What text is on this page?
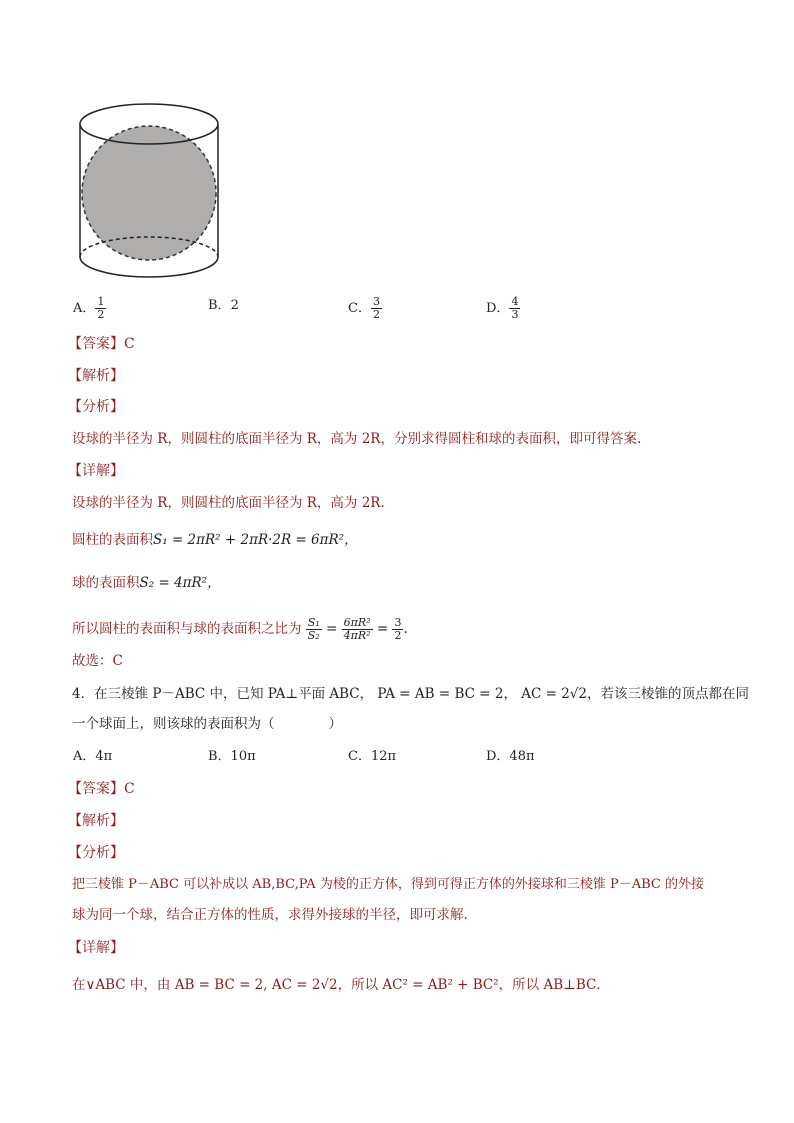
A． $\frac{1}{2}$	B．2	C． $\frac{3}{2}$	D． $\frac{4}{3}$
【答案】C
【解析】
【分析】
设球的半径为 R，则圆柱的底面半径为 R，高为 2R，分别求得圆柱和球的表面积，即可得答案.
【详解】
设球的半径为 R，则圆柱的底面半径为 R，高为 2R．
圆柱的表面积S₁ = 2πR² + 2πR·2R = 6πR²，
球的表面积S₂ = 4πR²，
所以圆柱的表面积与球的表面积之比为 $\frac{\text{S₁}}{\text{S₂}} = \frac{\text{6πR²}}{\text{4πR²}} = \frac{3}{2}$ .
故选：C
4．在三棱锥 P－ABC 中，已知 PA⊥平面 ABC， PA = AB = BC = 2， AC = 2√2，若该三棱锥的顶点都在同
一个球面上，则该球的表面积为（　　　　）
A．4π	B．10π	C．12π	D．48π
【答案】C
【解析】
【分析】
把三棱锥 P－ABC 可以补成以 AB,BC,PA 为棱的正方体，得到可得正方体的外接球和三棱锥 P－ABC 的外接
球为同一个球，结合正方体的性质，求得外接球的半径，即可求解.
【详解】
在∨ABC 中，由 AB = BC = 2, AC = 2√2，所以 AC² = AB² + BC²，所以 AB⊥BC．
